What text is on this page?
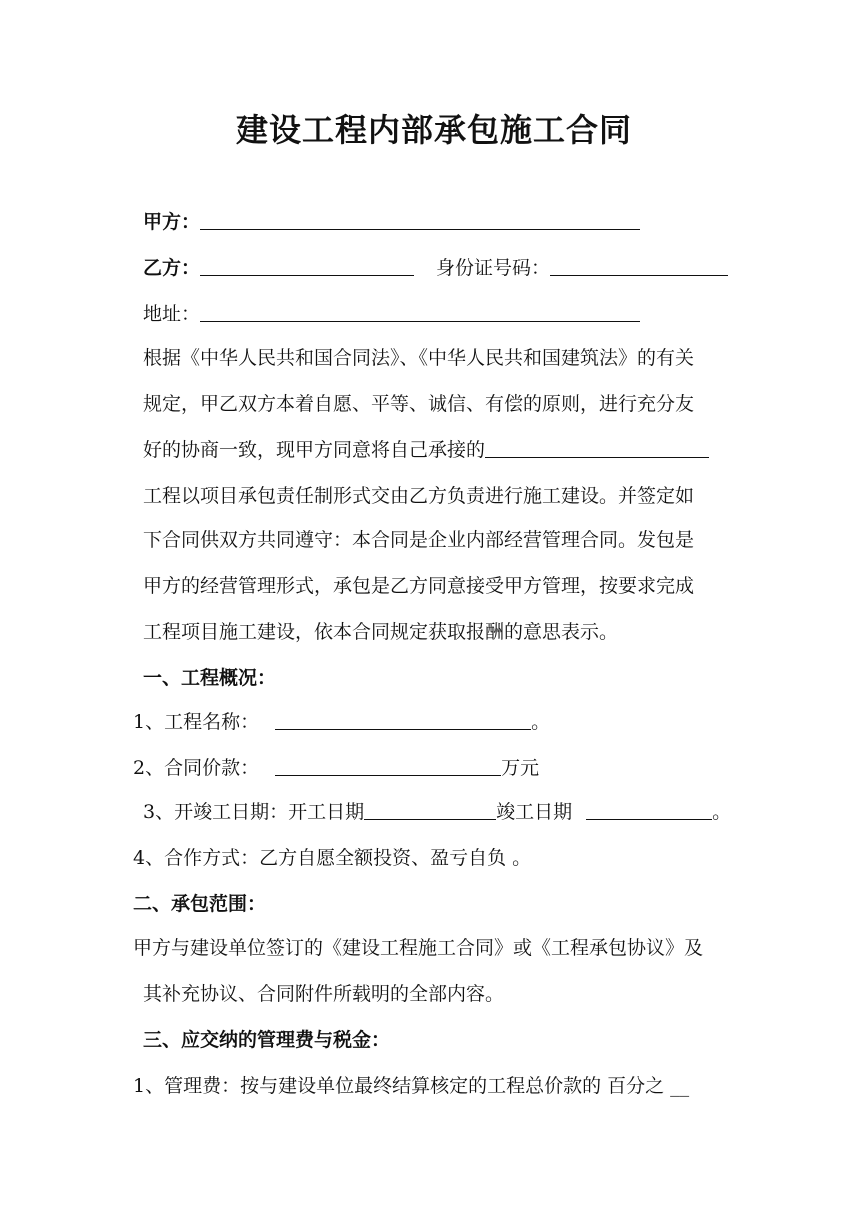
建设工程内部承包施工合同
甲方：
乙方：	身份证号码：
地址：
根据《中华人民共和国合同法》、《中华人民共和国建筑法》的有关
规定，甲乙双方本着自愿、平等、诚信、有偿的原则，进行充分友
好的协商一致，现甲方同意将自己承接的
工程以项目承包责任制形式交由乙方负责进行施工建设。并签定如
下合同供双方共同遵守：本合同是企业内部经营管理合同。发包是
甲方的经营管理形式，承包是乙方同意接受甲方管理，按要求完成
工程项目施工建设，依本合同规定获取报酬的意思表示。
一、工程概况：
1、工程名称：	。
2、合同价款：	万元
3、开竣工日期：开工日期	竣工日期	。
4、合作方式：乙方自愿全额投资、盈亏自负 。
二、承包范围：
甲方与建设单位签订的《建设工程施工合同》或《工程承包协议》及
其补充协议、合同附件所载明的全部内容。
三、应交纳的管理费与税金：
1、管理费：按与建设单位最终结算核定的工程总价款的 百分之 __
